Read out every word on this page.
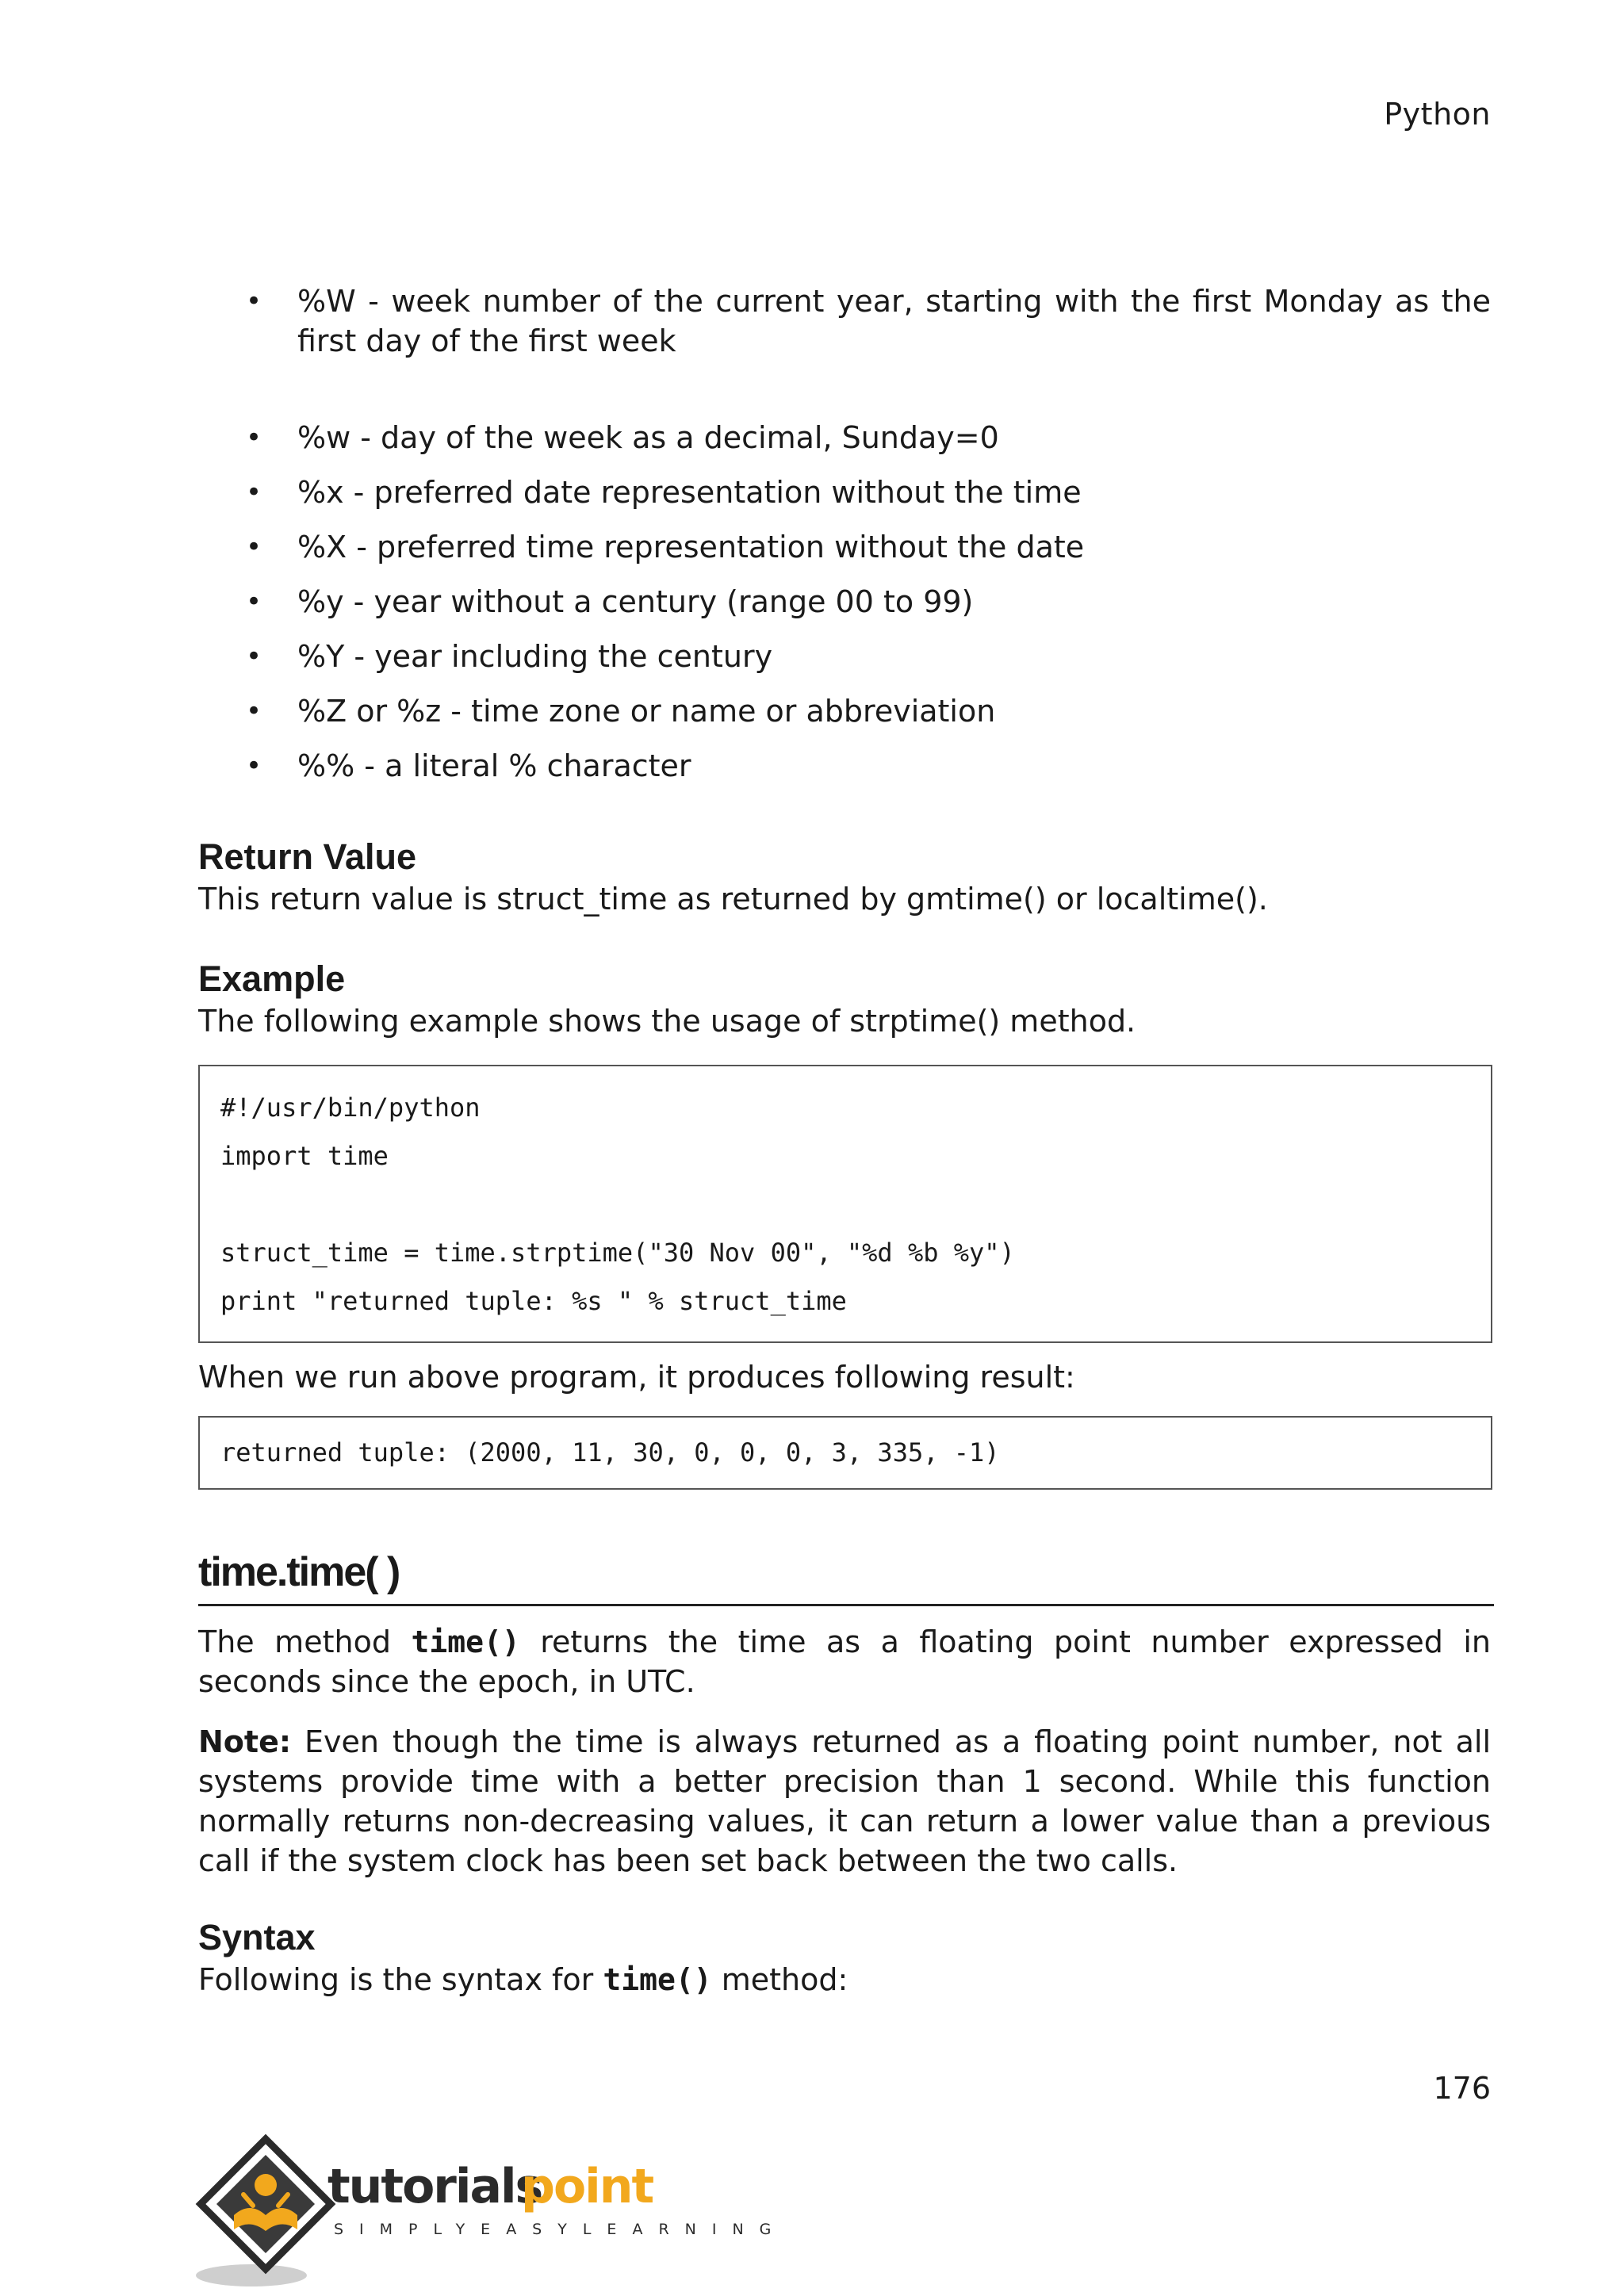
Python
• %W - week number of the current year, starting with the first Monday as the first day of the first week
• %w - day of the week as a decimal, Sunday=0
• %x - preferred date representation without the time
• %X - preferred time representation without the date
• %y - year without a century (range 00 to 99)
• %Y - year including the century
• %Z or %z - time zone or name or abbreviation
• %% - a literal % character
Return Value

This return value is struct_time as returned by gmtime() or localtime().

Example

The following example shows the usage of strptime() method.

#!/usr/bin/python
import time
struct_time = time.strptime("30 Nov 00", "%d %b %y")
print "returned tuple: %s " % struct_time

When we run above program, it produces following result:

returned tuple: (2000, 11, 30, 0, 0, 0, 3, 335, -1)
time.time( )

The method time() returns the time as a floating point number expressed in seconds since the epoch, in UTC.

Note: Even though the time is always returned as a floating point number, not all systems provide time with a better precision than 1 second. While this function normally returns non-decreasing values, it can return a lower value than a previous call if the system clock has been set back between the two calls.

Syntax

Following is the syntax for time() method:

176
tutorials
point
SIMPLYEASYLEARNING
